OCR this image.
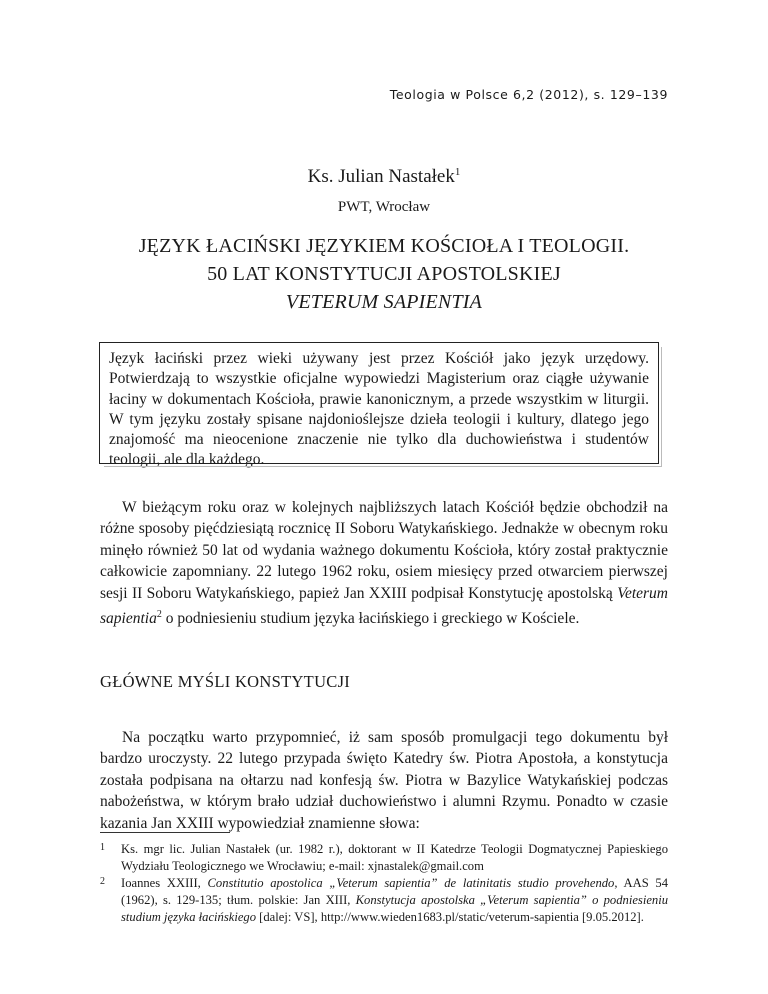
Teologia w Polsce 6,2 (2012), s. 129–139
Ks. Julian Nastałek$^1$
PWT, Wrocław
JĘZYK ŁACIŃSKI JĘZYKIEM KOŚCIOŁA I TEOLOGII.
50 LAT KONSTYTUCJI APOSTOLSKIEJ
VETERUM SAPIENTIA
Język łaciński przez wieki używany jest przez Kościół jako język urzędowy. Potwierdzają to wszystkie oficjalne wypowiedzi Magisterium oraz ciągłe używanie łaciny w dokumentach Kościoła, prawie kanonicznym, a przede wszystkim w liturgii. W tym języku zostały spisane najdonioślejsze dzieła teologii i kultury, dlatego jego znajomość ma nieocenione znaczenie nie tylko dla duchowieństwa i studentów teologii, ale dla każdego.
W bieżącym roku oraz w kolejnych najbliższych latach Kościół będzie obchodził na różne sposoby pięćdziesiątą rocznicę II Soboru Watykańskiego. Jednakże w obecnym roku minęło również 50 lat od wydania ważnego dokumentu Kościoła, który został praktycznie całkowicie zapomniany. 22 lutego 1962 roku, osiem miesięcy przed otwarciem pierwszej sesji II Soboru Watykańskiego, papież Jan XXIII podpisał Konstytucję apostolską Veterum sapientia$^2$ o podniesieniu studium języka łacińskiego i greckiego w Kościele.
GŁÓWNE MYŚLI KONSTYTUCJI
Na początku warto przypomnieć, iż sam sposób promulgacji tego dokumentu był bardzo uroczysty. 22 lutego przypada święto Katedry św. Piotra Apostoła, a konstytucja została podpisana na ołtarzu nad konfesją św. Piotra w Bazylice Watykańskiej podczas nabożeństwa, w którym brało udział duchowieństwo i alumni Rzymu. Ponadto w czasie kazania Jan XXIII wypowiedział znamienne słowa:
1 Ks. mgr lic. Julian Nastałek (ur. 1982 r.), doktorant w II Katedrze Teologii Dogmatycznej Papieskiego Wydziału Teologicznego we Wrocławiu; e-mail: xjnastalek@gmail.com
2 Ioannes XXIII, Constitutio apostolica „Veterum sapientia” de latinitatis studio provehendo, AAS 54 (1962), s. 129-135; tłum. polskie: Jan XIII, Konstytucja apostolska „Veterum sapientia” o podniesieniu studium języka łacińskiego [dalej: VS], http://www.wieden1683.pl/static/veterum-sapientia [9.05.2012].
